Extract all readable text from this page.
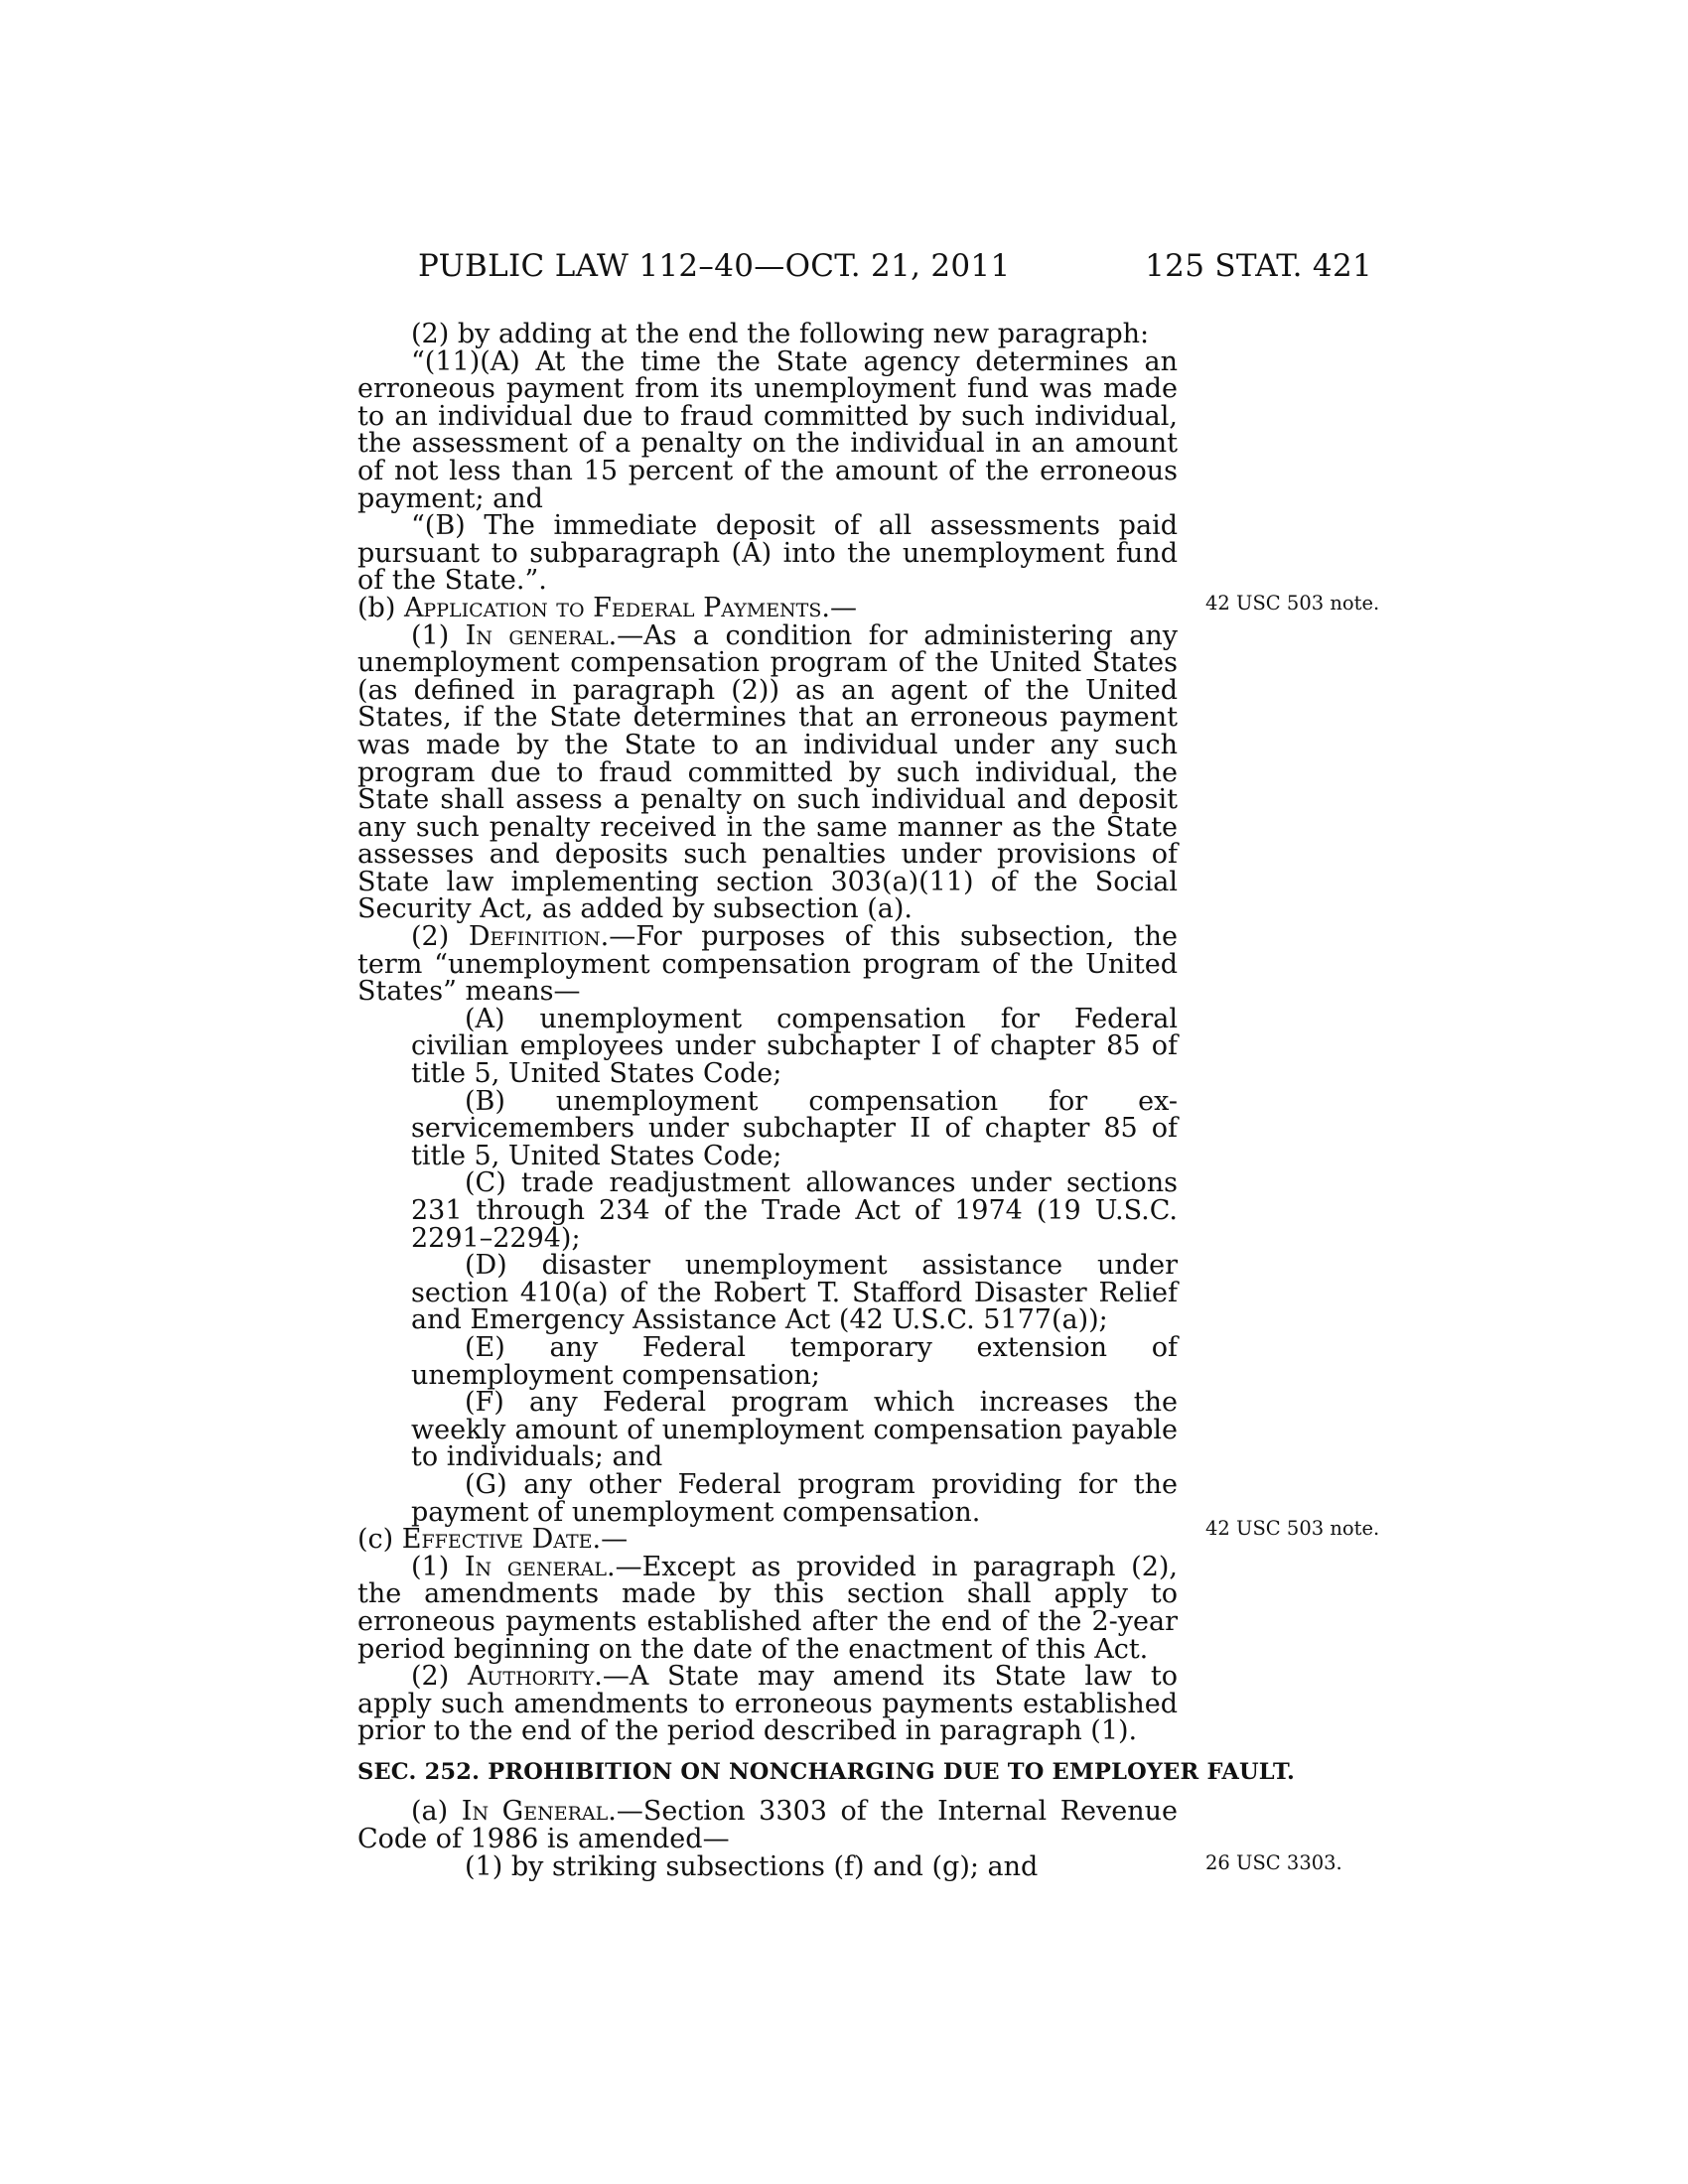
PUBLIC LAW 112–40—OCT. 21, 2011	125 STAT. 421
42 USC 503 note.
42 USC 503 note.
26 USC 3303.

(2) by adding at the end the following new paragraph:

“(11)(A) At the time the State agency determines an erroneous payment from its unemployment fund was made to an individual due to fraud committed by such individual, the assessment of a penalty on the individual in an amount of not less than 15 percent of the amount of the erroneous payment; and

“(B) The immediate deposit of all assessments paid pursuant to subparagraph (A) into the unemployment fund of the State.”.

(b) Application to Federal Payments.—

(1) In general.—As a condition for administering any unemployment compensation program of the United States (as defined in paragraph (2)) as an agent of the United States, if the State determines that an erroneous payment was made by the State to an individual under any such program due to fraud committed by such individual, the State shall assess a penalty on such individual and deposit any such penalty received in the same manner as the State assesses and deposits such penalties under provisions of State law implementing section 303(a)(11) of the Social Security Act, as added by subsection (a).

(2) Definition.—For purposes of this subsection, the term “unemployment compensation program of the United States” means—

(A) unemployment compensation for Federal civilian employees under subchapter I of chapter 85 of title 5, United States Code;

(B) unemployment compensation for ex-servicemembers under subchapter II of chapter 85 of title 5, United States Code;

(C) trade readjustment allowances under sections 231 through 234 of the Trade Act of 1974 (19 U.S.C. 2291–2294);

(D) disaster unemployment assistance under section 410(a) of the Robert T. Stafford Disaster Relief and Emergency Assistance Act (42 U.S.C. 5177(a));

(E) any Federal temporary extension of unemployment compensation;

(F) any Federal program which increases the weekly amount of unemployment compensation payable to individuals; and

(G) any other Federal program providing for the payment of unemployment compensation.

(c) Effective Date.—

(1) In general.—Except as provided in paragraph (2), the amendments made by this section shall apply to erroneous payments established after the end of the 2-year period beginning on the date of the enactment of this Act.

(2) Authority.—A State may amend its State law to apply such amendments to erroneous payments established prior to the end of the period described in paragraph (1).

SEC. 252. PROHIBITION ON NONCHARGING DUE TO EMPLOYER FAULT.

(a) In General.—Section 3303 of the Internal Revenue Code of 1986 is amended—

(1) by striking subsections (f) and (g); and
